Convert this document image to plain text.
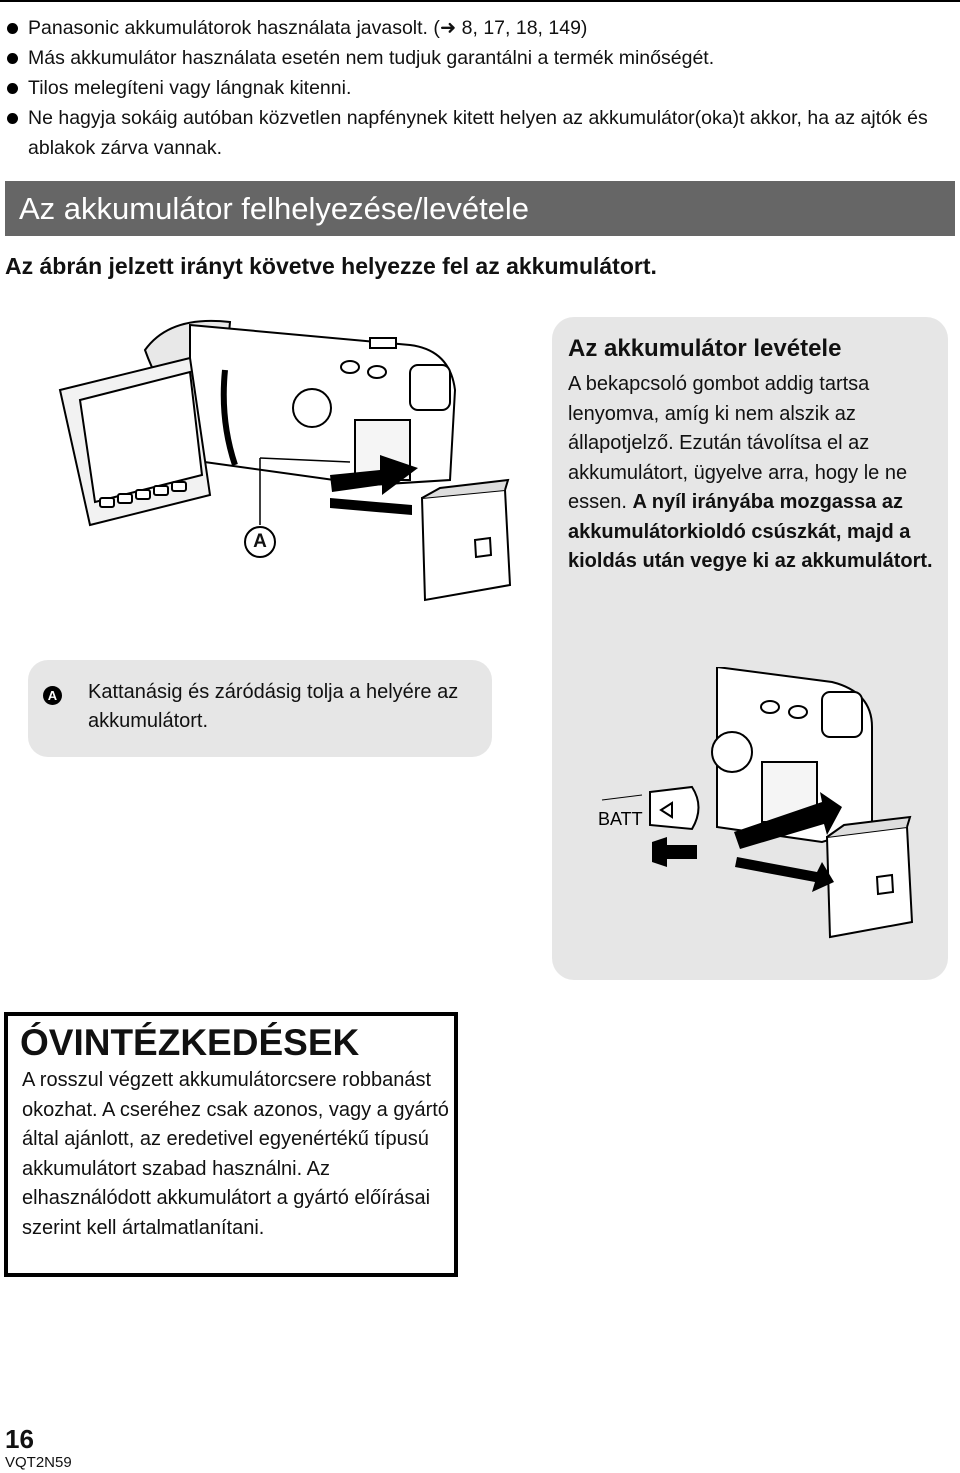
Panasonic akkumulátorok használata javasolt. (➜ 8, 17, 18, 149)
Más akkumulátor használata esetén nem tudjuk garantálni a termék minőségét.
Tilos melegíteni vagy lángnak kitenni.
Ne hagyja sokáig autóban közvetlen napfénynek kitett helyen az akkumulátor(oka)t akkor, ha az ajtók és ablakok zárva vannak.
Az akkumulátor felhelyezése/levétele
Az ábrán jelzett irányt követve helyezze fel az akkumulátort.
A
Az akkumulátor levétele

A bekapcsoló gombot addig tartsa lenyomva, amíg ki nem alszik az állapotjelző. Ezután távolítsa el az akkumulátort, ügyelve arra, hogy le ne essen. A nyíl irányába mozgassa az akkumulátorkioldó csúszkát, majd a kioldás után vegye ki az akkumulátort.

BATT
A Kattanásig és záródásig tolja a helyére az akkumulátort.

ÓVINTÉZKEDÉSEK

A rosszul végzett akkumulátorcsere robbanást okozhat. A cseréhez csak azonos, vagy a gyártó által ajánlott, az eredetivel egyenértékű típusú akkumulátort szabad használni. Az elhasználódott akkumulátort a gyártó előírásai szerint kell ártalmatlanítani.

16
VQT2N59
